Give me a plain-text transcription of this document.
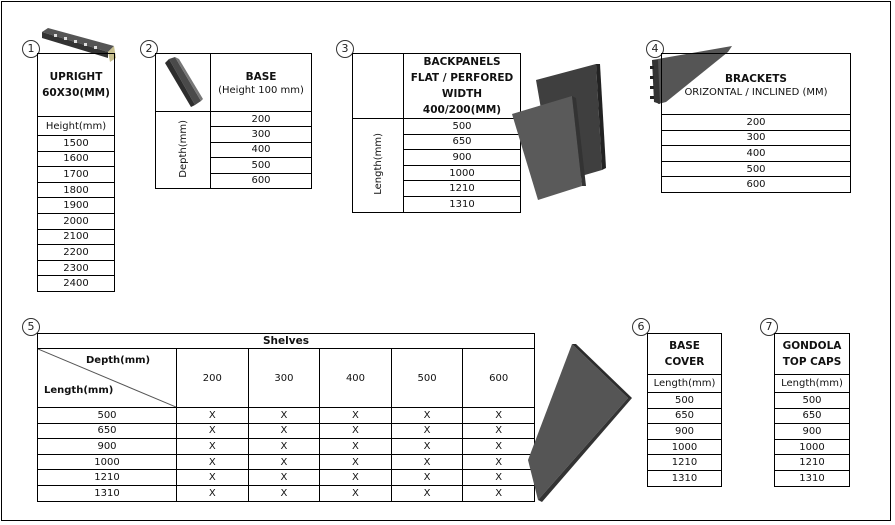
1
UPRIGHT
60X30(MM)

Height(mm)
1500
1600
1700
1800
1900
2000
2100
2200
2300
2400
2

BASE
(Height 100 mm)

Depth(mm)	200
	300
	400
	500
	600
3

	BACKPANELS
FLAT / PERFORED
WIDTH 400/200(MM)

Length(mm)	500
	650
	900
	1000
	1210
	1310
4
BRACKETS
ORIZONTAL / INCLINED (MM)

200
300
400
500
600
5
Shelves					

Depth(mm)
Length(mm)	200	300	400	500	600
500	X	X	X	X	X
650	X	X	X	X	X
900	X	X	X	X	X
1000	X	X	X	X	X
1210	X	X	X	X	X
1310	X	X	X	X	X
6
BASE
COVER

Length(mm)
500
650
900
1000
1210
1310
7
GONDOLA
TOP CAPS

Length(mm)
500
650
900
1000
1210
1310
